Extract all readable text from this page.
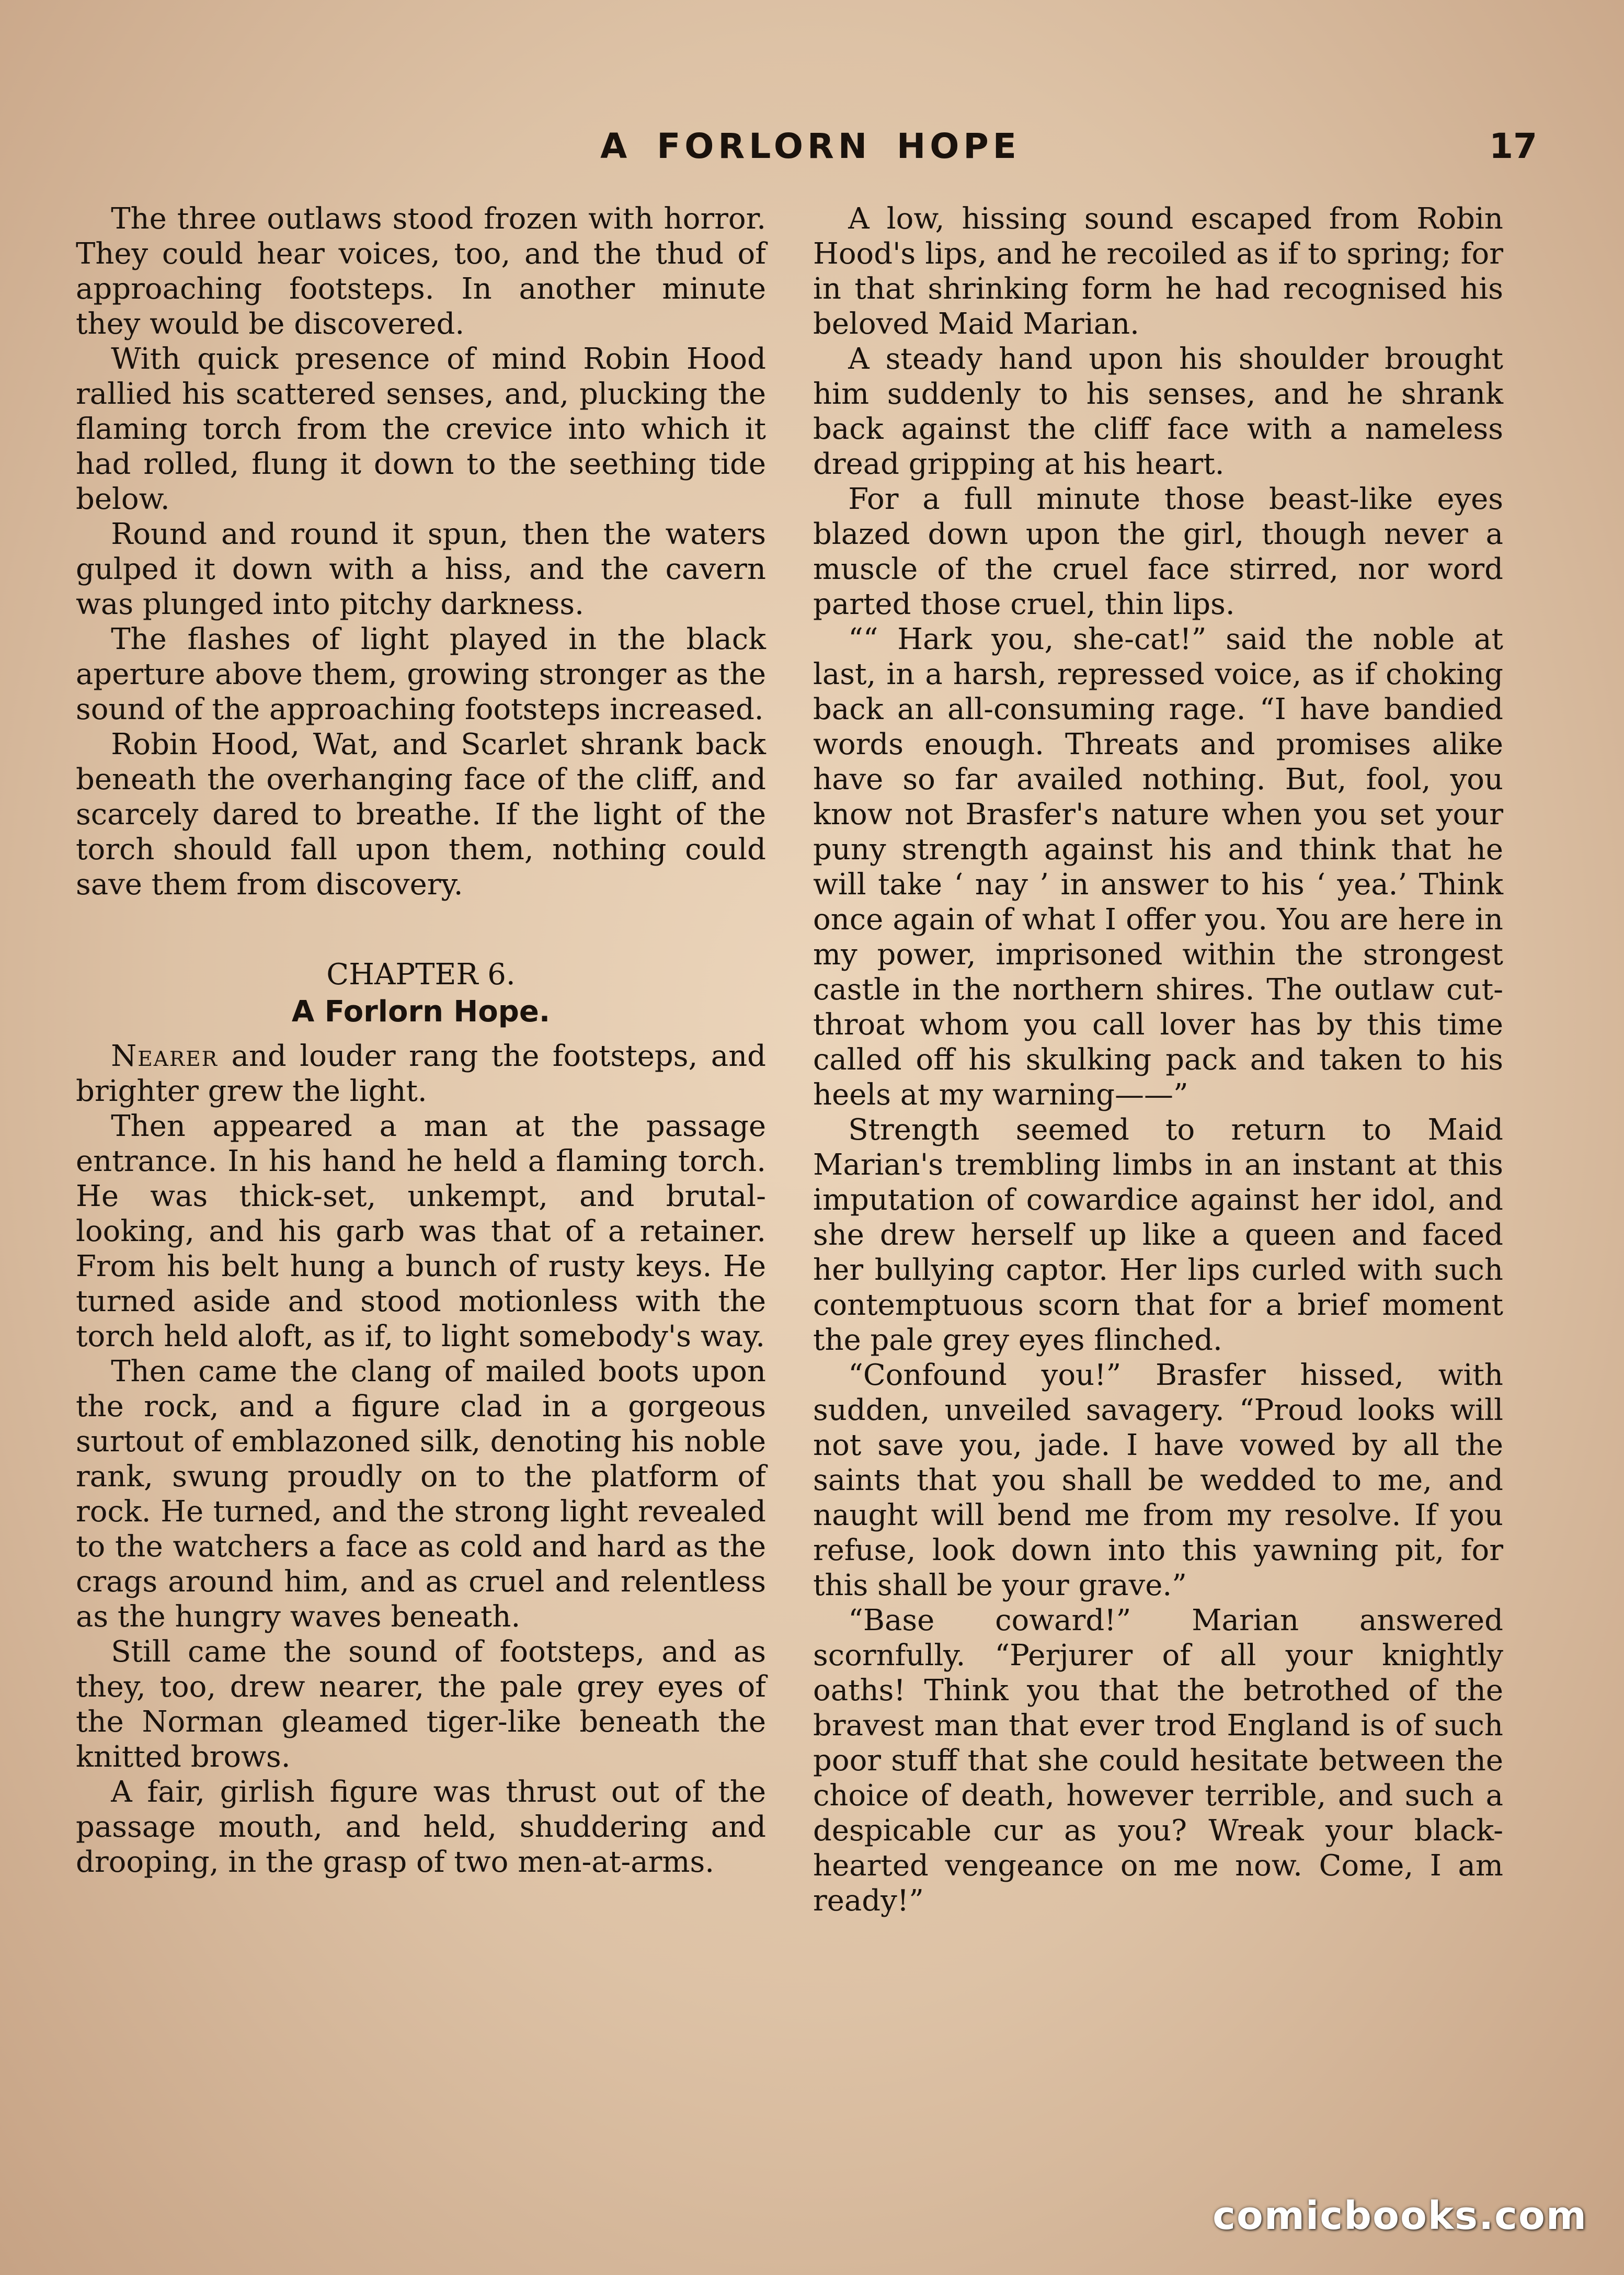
A FORLORN HOPE	17

The three outlaws stood frozen with horror. They could hear voices, too, and the thud of approaching footsteps. In another minute they would be discovered.

With quick presence of mind Robin Hood rallied his scattered senses, and, plucking the flaming torch from the crevice into which it had rolled, flung it down to the seething tide below.

Round and round it spun, then the waters gulped it down with a hiss, and the cavern was plunged into pitchy darkness.

The flashes of light played in the black aperture above them, growing stronger as the sound of the approaching footsteps increased.

Robin Hood, Wat, and Scarlet shrank back beneath the overhanging face of the cliff, and scarcely dared to breathe. If the light of the torch should fall upon them, nothing could save them from discovery.

CHAPTER 6.
A Forlorn Hope.

Nearer and louder rang the footsteps, and brighter grew the light.

Then appeared a man at the passage entrance. In his hand he held a flaming torch. He was thick-set, unkempt, and brutal-looking, and his garb was that of a retainer. From his belt hung a bunch of rusty keys. He turned aside and stood motionless with the torch held aloft, as if, to light somebody's way.

Then came the clang of mailed boots upon the rock, and a figure clad in a gorgeous surtout of emblazoned silk, denoting his noble rank, swung proudly on to the platform of rock. He turned, and the strong light revealed to the watchers a face as cold and hard as the crags around him, and as cruel and relentless as the hungry waves beneath.

Still came the sound of footsteps, and as they, too, drew nearer, the pale grey eyes of the Norman gleamed tiger-like beneath the knitted brows.

A fair, girlish figure was thrust out of the passage mouth, and held, shuddering and drooping, in the grasp of two men-at-arms.

A low, hissing sound escaped from Robin Hood's lips, and he recoiled as if to spring; for in that shrinking form he had recognised his beloved Maid Marian.

A steady hand upon his shoulder brought him suddenly to his senses, and he shrank back against the cliff face with a nameless dread gripping at his heart.

For a full minute those beast-like eyes blazed down upon the girl, though never a muscle of the cruel face stirred, nor word parted those cruel, thin lips.

““ Hark you, she-cat!” said the noble at last, in a harsh, repressed voice, as if choking back an all-consuming rage. “I have bandied words enough. Threats and promises alike have so far availed nothing. But, fool, you know not Brasfer's nature when you set your puny strength against his and think that he will take ‘ nay ’ in answer to his ‘ yea.’ Think once again of what I offer you. You are here in my power, imprisoned within the strongest castle in the northern shires. The outlaw cut-throat whom you call lover has by this time called off his skulking pack and taken to his heels at my warning——”

Strength seemed to return to Maid Marian's trembling limbs in an instant at this imputation of cowardice against her idol, and she drew herself up like a queen and faced her bullying captor. Her lips curled with such contemptuous scorn that for a brief moment the pale grey eyes flinched.

“Confound you!” Brasfer hissed, with sudden, unveiled savagery. “Proud looks will not save you, jade. I have vowed by all the saints that you shall be wedded to me, and naught will bend me from my resolve. If you refuse, look down into this yawning pit, for this shall be your grave.”

“Base coward!” Marian answered scornfully. “Perjurer of all your knightly oaths! Think you that the betrothed of the bravest man that ever trod England is of such poor stuff that she could hesitate between the choice of death, however terrible, and such a despicable cur as you? Wreak your black-hearted vengeance on me now. Come, I am ready!”

comicbooks.com
